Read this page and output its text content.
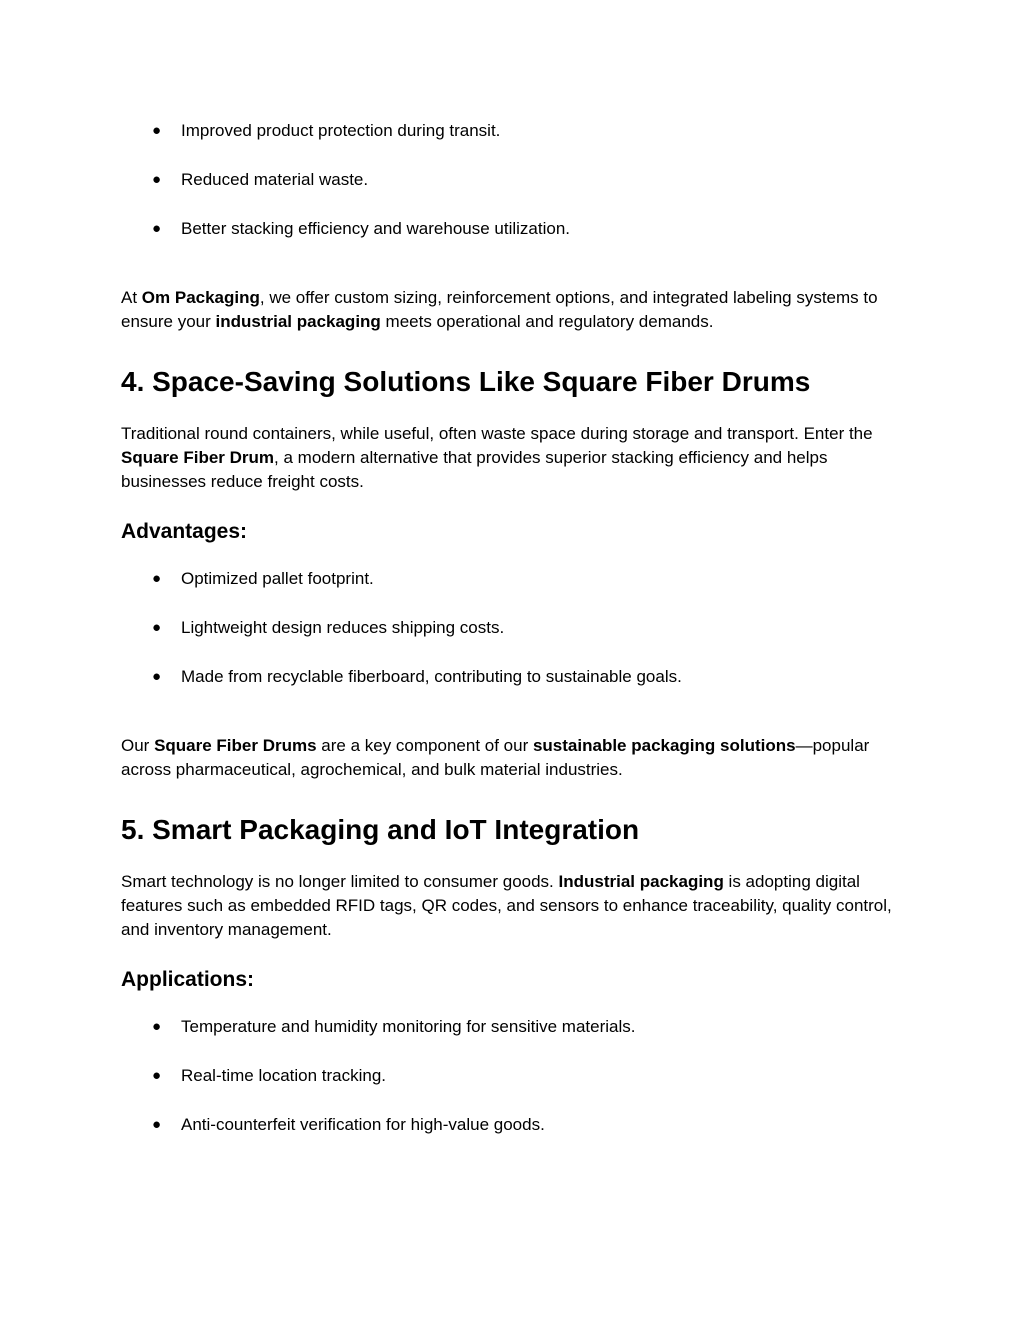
● Improved product protection during transit.
● Reduced material waste.
● Better stacking efficiency and warehouse utilization.

At Om Packaging, we offer custom sizing, reinforcement options, and integrated labeling systems to ensure your industrial packaging meets operational and regulatory demands.

4. Space-Saving Solutions Like Square Fiber Drums

Traditional round containers, while useful, often waste space during storage and transport. Enter the Square Fiber Drum, a modern alternative that provides superior stacking efficiency and helps businesses reduce freight costs.

Advantages:
● Optimized pallet footprint.
● Lightweight design reduces shipping costs.
● Made from recyclable fiberboard, contributing to sustainable goals.

Our Square Fiber Drums are a key component of our sustainable packaging solutions—popular across pharmaceutical, agrochemical, and bulk material industries.

5. Smart Packaging and IoT Integration

Smart technology is no longer limited to consumer goods. Industrial packaging is adopting digital features such as embedded RFID tags, QR codes, and sensors to enhance traceability, quality control, and inventory management.

Applications:
● Temperature and humidity monitoring for sensitive materials.
● Real-time location tracking.
● Anti-counterfeit verification for high-value goods.
